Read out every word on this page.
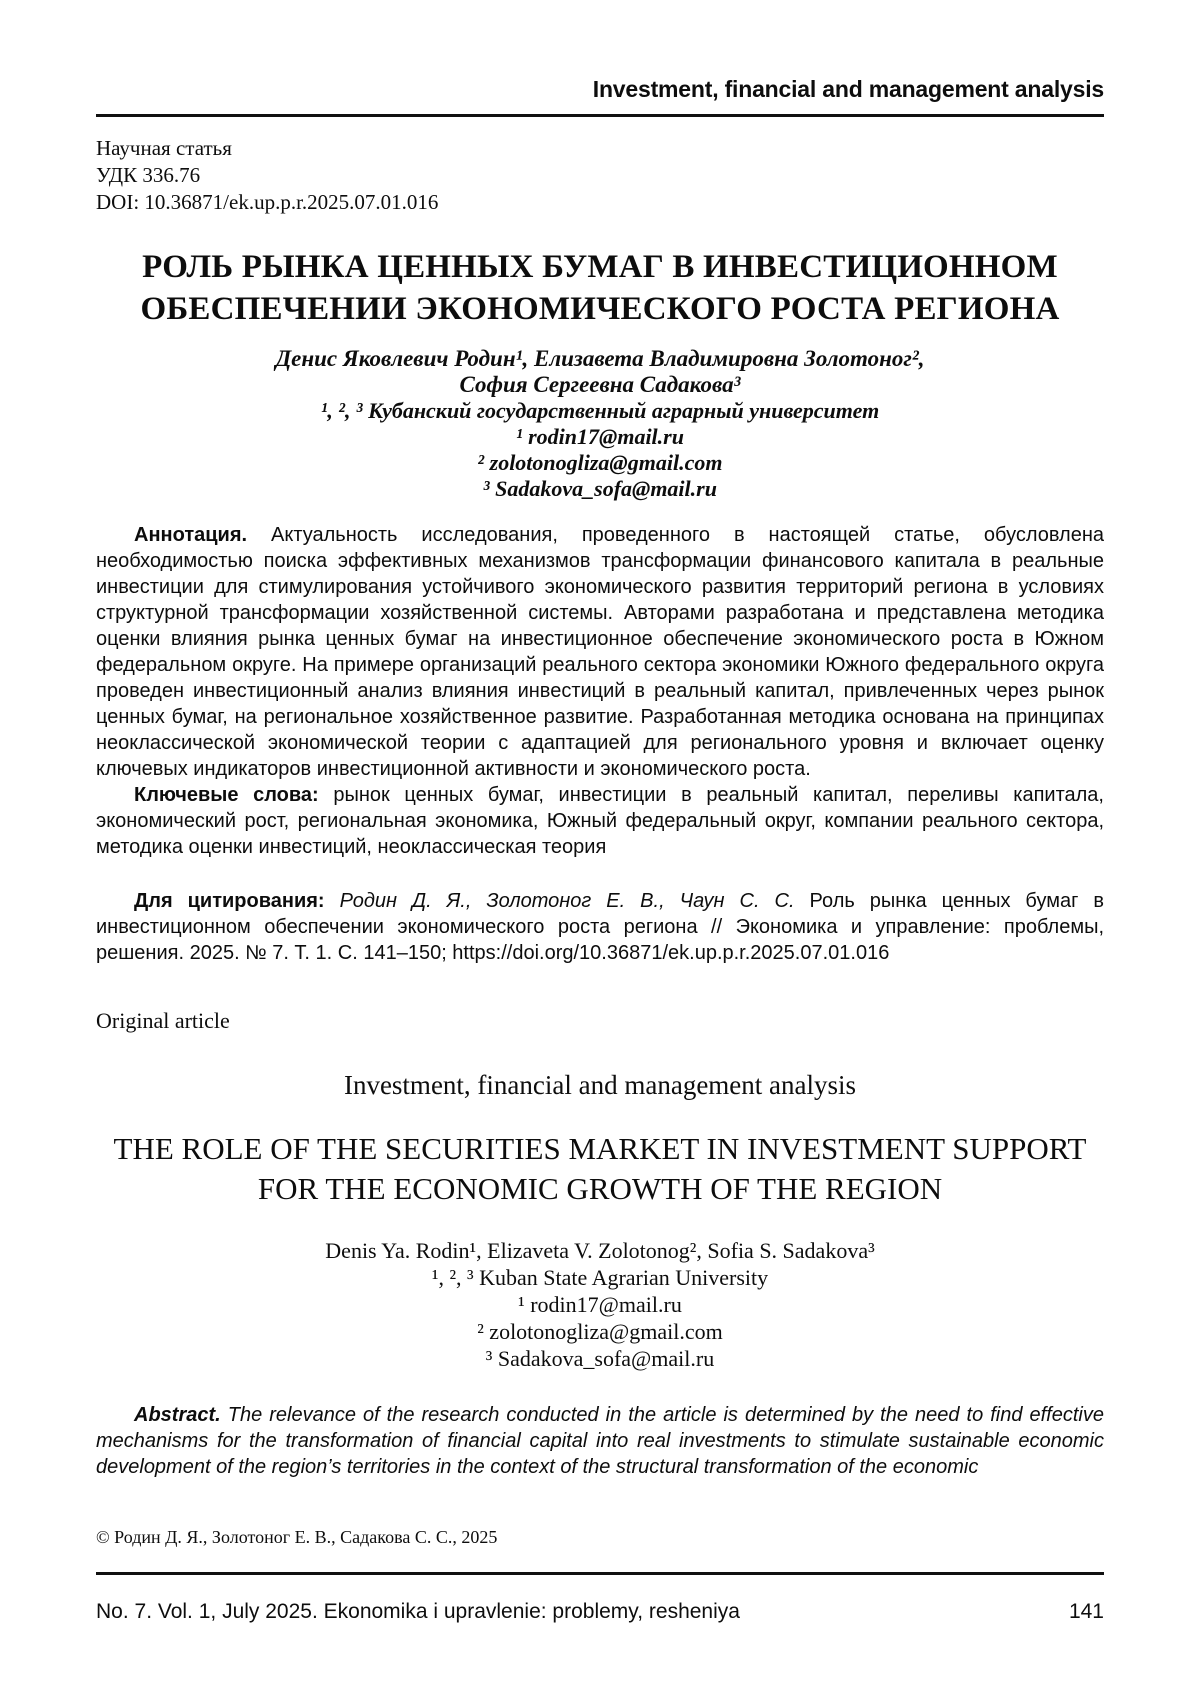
Investment, financial and management analysis
Научная статья
УДК 336.76
DOI: 10.36871/ek.up.p.r.2025.07.01.016
РОЛЬ РЫНКА ЦЕННЫХ БУМАГ В ИНВЕСТИЦИОННОМ ОБЕСПЕЧЕНИИ ЭКОНОМИЧЕСКОГО РОСТА РЕГИОНА
Денис Яковлевич Родин¹, Елизавета Владимировна Золотоног²,
София Сергеевна Садакова³
¹, ², ³ Кубанский государственный аграрный университет
¹ rodin17@mail.ru
² zolotonogliza@gmail.com
³ Sadakova_sofa@mail.ru

Аннотация. Актуальность исследования, проведенного в настоящей статье, обусловлена необходимостью поиска эффективных механизмов трансформации финансового капитала в реальные инвестиции для стимулирования устойчивого экономического развития территорий региона в условиях структурной трансформации хозяйственной системы. Авторами разработана и представлена методика оценки влияния рынка ценных бумаг на инвестиционное обеспечение экономического роста в Южном федеральном округе. На примере организаций реального сектора экономики Южного федерального округа проведен инвестиционный анализ влияния инвестиций в реальный капитал, привлеченных через рынок ценных бумаг, на региональное хозяйственное развитие. Разработанная методика основана на принципах неоклассической экономической теории с адаптацией для регионального уровня и включает оценку ключевых индикаторов инвестиционной активности и экономического роста.

Ключевые слова: рынок ценных бумаг, инвестиции в реальный капитал, переливы капитала, экономический рост, региональная экономика, Южный федеральный округ, компании реального сектора, методика оценки инвестиций, неоклассическая теория

Для цитирования: Родин Д. Я., Золотоног Е. В., Чаун С. С. Роль рынка ценных бумаг в инвестиционном обеспечении экономического роста региона // Экономика и управление: проблемы, решения. 2025. № 7. Т. 1. С. 141–150; https://doi.org/10.36871/ek.up.p.r.2025.07.01.016

Original article
Investment, financial and management analysis
THE ROLE OF THE SECURITIES MARKET IN INVESTMENT SUPPORT FOR THE ECONOMIC GROWTH OF THE REGION
Denis Ya. Rodin¹, Elizaveta V. Zolotonog², Sofia S. Sadakova³
¹, ², ³ Kuban State Agrarian University
¹ rodin17@mail.ru
² zolotonogliza@gmail.com
³ Sadakova_sofa@mail.ru

Abstract. The relevance of the research conducted in the article is determined by the need to find effective mechanisms for the transformation of financial capital into real investments to stimulate sustainable economic development of the region’s territories in the context of the structural transformation of the economic

© Родин Д. Я., Золотоног Е. В., Садакова С. С., 2025
No. 7. Vol. 1, July 2025. Ekonomika i upravlenie: problemy, resheniya	141
